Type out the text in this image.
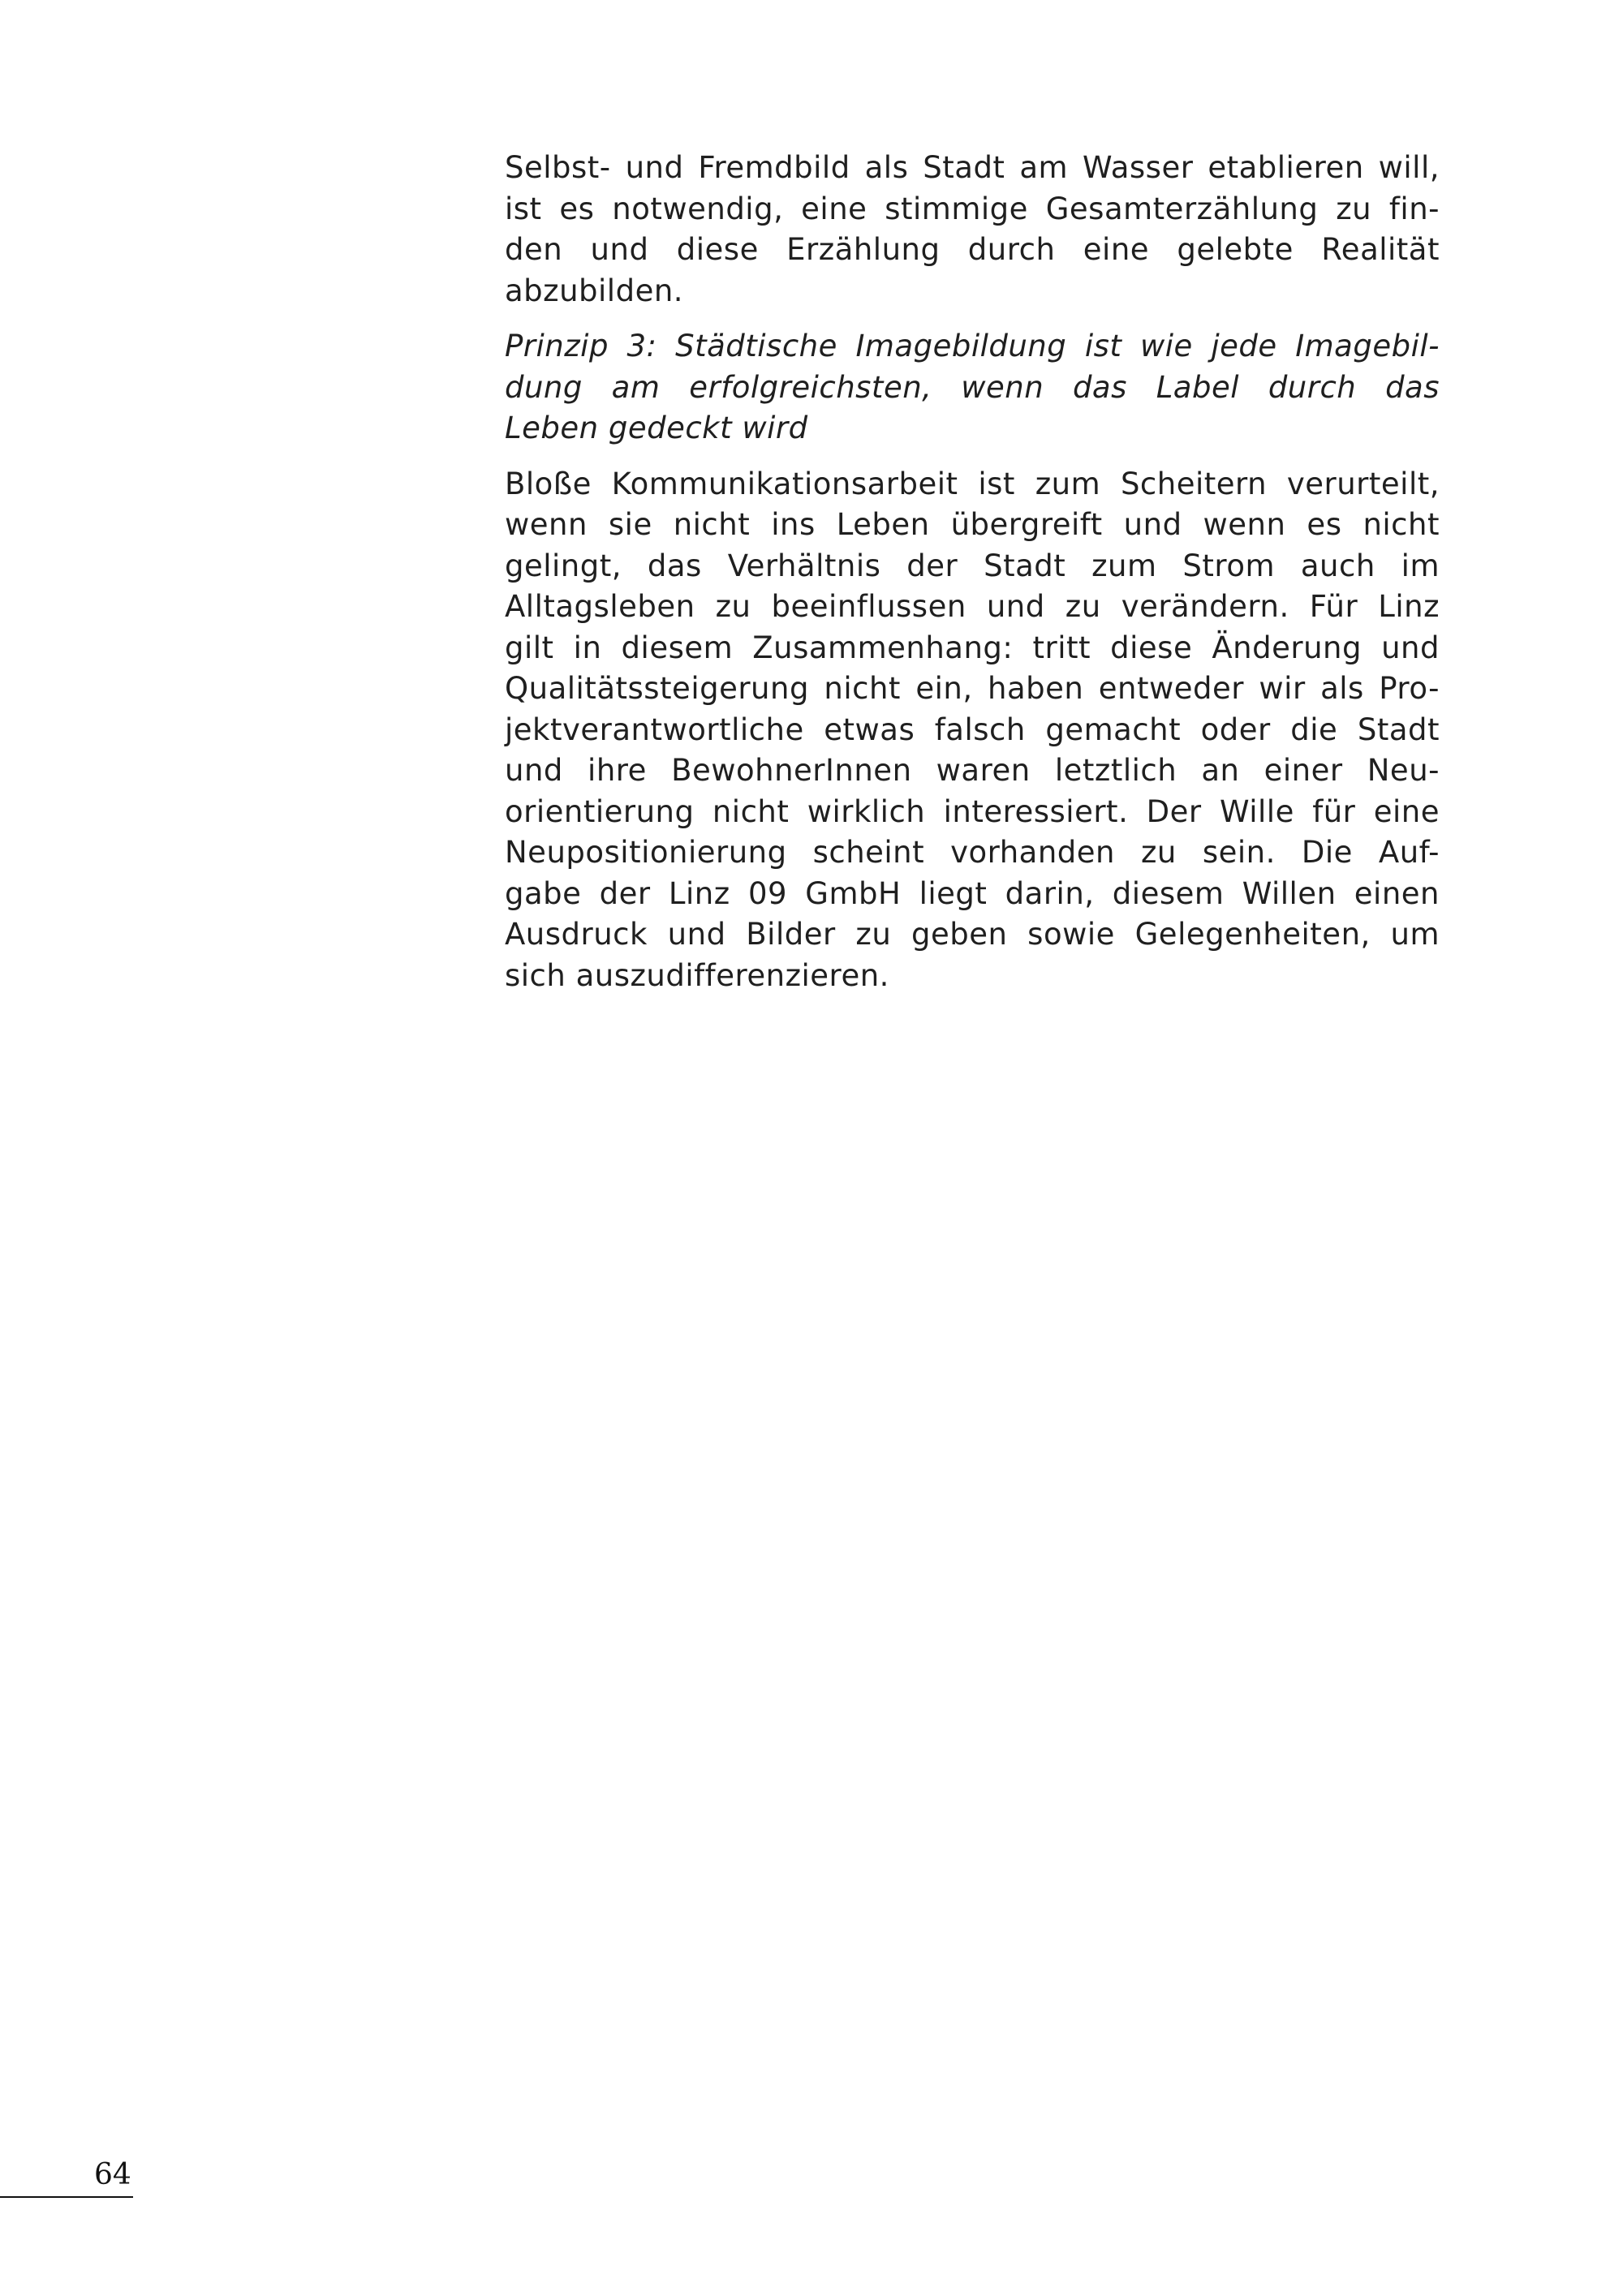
Selbst- und Fremdbild als Stadt am Wasser etablieren will,
ist es notwendig, eine stimmige Gesamterzählung zu fin-
den und diese Erzählung durch eine gelebte Realität
abzubilden.
Prinzip 3: Städtische Imagebildung ist wie jede Imagebil-
dung am erfolgreichsten, wenn das Label durch das
Leben gedeckt wird
Bloße Kommunikationsarbeit ist zum Scheitern verurteilt,
wenn sie nicht ins Leben übergreift und wenn es nicht
gelingt, das Verhältnis der Stadt zum Strom auch im
Alltagsleben zu beeinflussen und zu verändern. Für Linz
gilt in diesem Zusammenhang: tritt diese Änderung und
Qualitätssteigerung nicht ein, haben entweder wir als Pro-
jektverantwortliche etwas falsch gemacht oder die Stadt
und ihre BewohnerInnen waren letztlich an einer Neu-
orientierung nicht wirklich interessiert. Der Wille für eine
Neupositionierung scheint vorhanden zu sein. Die Auf-
gabe der Linz 09 GmbH liegt darin, diesem Willen einen
Ausdruck und Bilder zu geben sowie Gelegenheiten, um
sich auszudifferenzieren.
64
